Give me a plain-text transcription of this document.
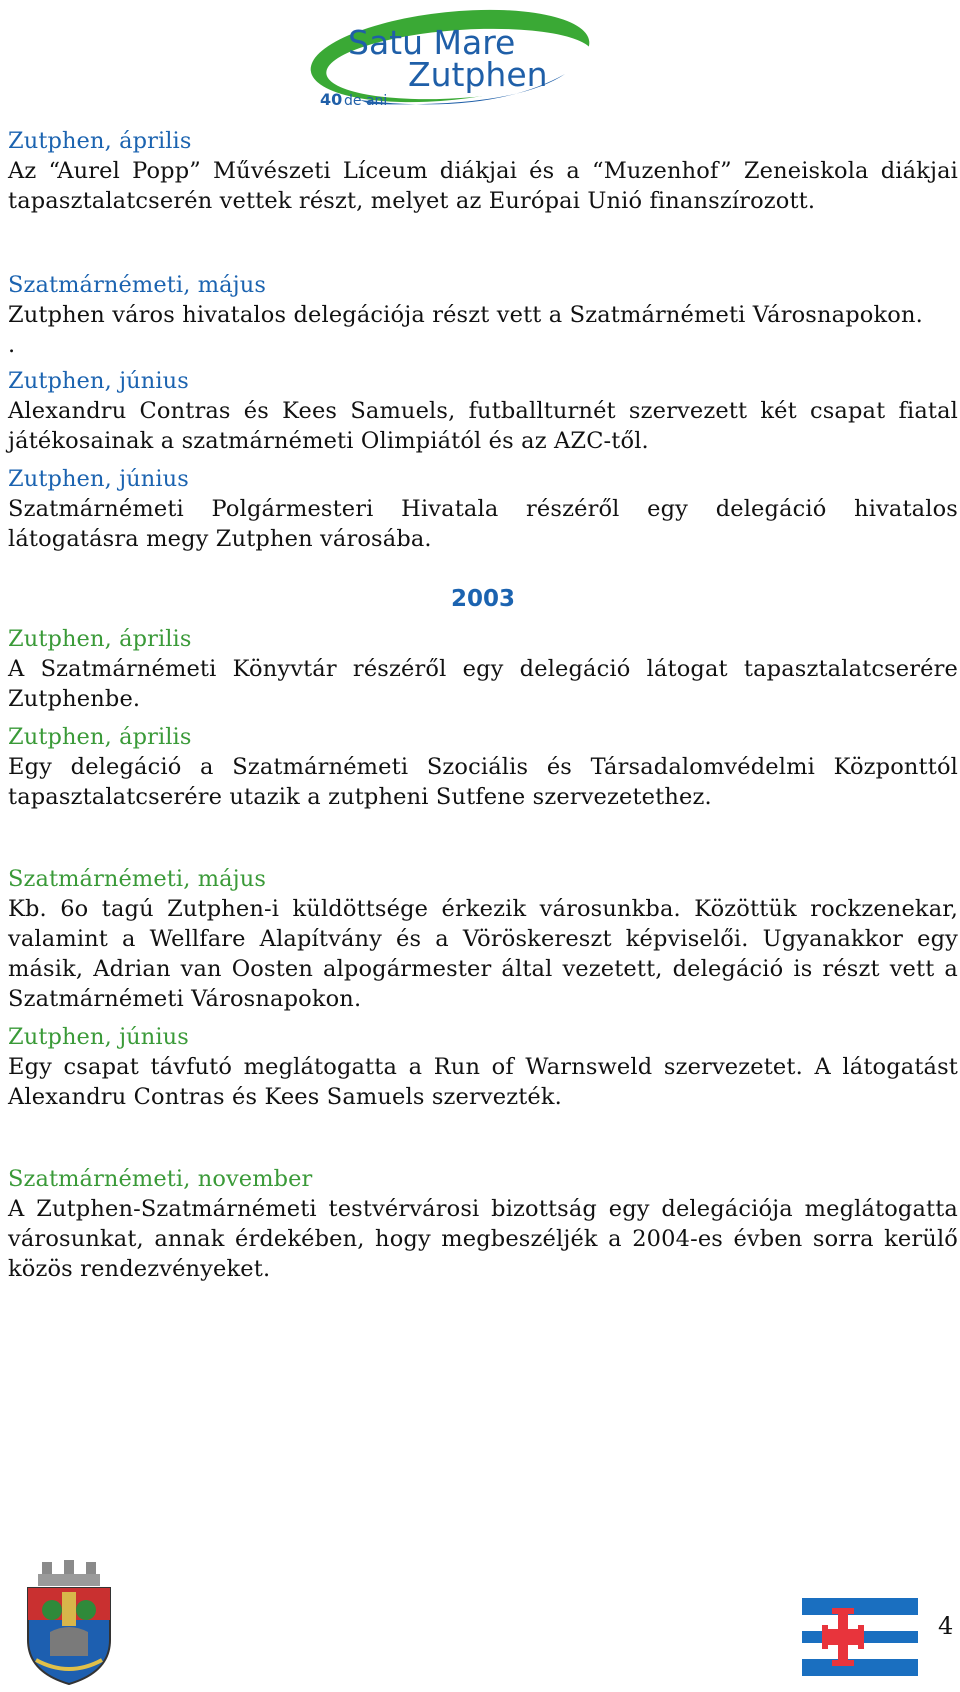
Satu Mare
Zutphen
40 de ani
Zutphen, április
Az “Aurel Popp” Művészeti Líceum diákjai és a “Muzenhof” Zeneiskola diákjai tapasztalatcserén vettek részt, melyet az Európai Unió finanszírozott.
Szatmárnémeti, május
Zutphen város hivatalos delegációja részt vett a Szatmárnémeti Városnapokon.
.
Zutphen, június
Alexandru Contras és Kees Samuels, futballturnét szervezett két csapat fiatal játékosainak a szatmárnémeti Olimpiától és az AZC-től.
Zutphen, június
Szatmárnémeti Polgármesteri Hivatala részéről egy delegáció hivatalos látogatásra megy Zutphen városába.
2003
Zutphen, április
A Szatmárnémeti Könyvtár részéről egy delegáció látogat tapasztalatcserére Zutphenbe.
Zutphen, április
Egy delegáció a Szatmárnémeti Szociális és Társadalomvédelmi Központtól tapasztalatcserére utazik a zutpheni Sutfene szervezetethez.
Szatmárnémeti, május
Kb. 6o tagú Zutphen-i küldöttsége érkezik városunkba. Közöttük rockzenekar, valamint a Wellfare Alapítvány és a Vöröskereszt képviselői. Ugyanakkor egy másik, Adrian van Oosten alpogármester által vezetett, delegáció is részt vett a Szatmárnémeti Városnapokon.
Zutphen, június
Egy csapat távfutó meglátogatta a Run of Warnsweld szervezetet. A látogatást Alexandru Contras és Kees Samuels szervezték.
Szatmárnémeti, november
A Zutphen-Szatmárnémeti testvérvárosi bizottság egy delegációja meglátogatta városunkat, annak érdekében, hogy megbeszéljék a 2004-es évben sorra kerülő közös rendezvényeket.
4
